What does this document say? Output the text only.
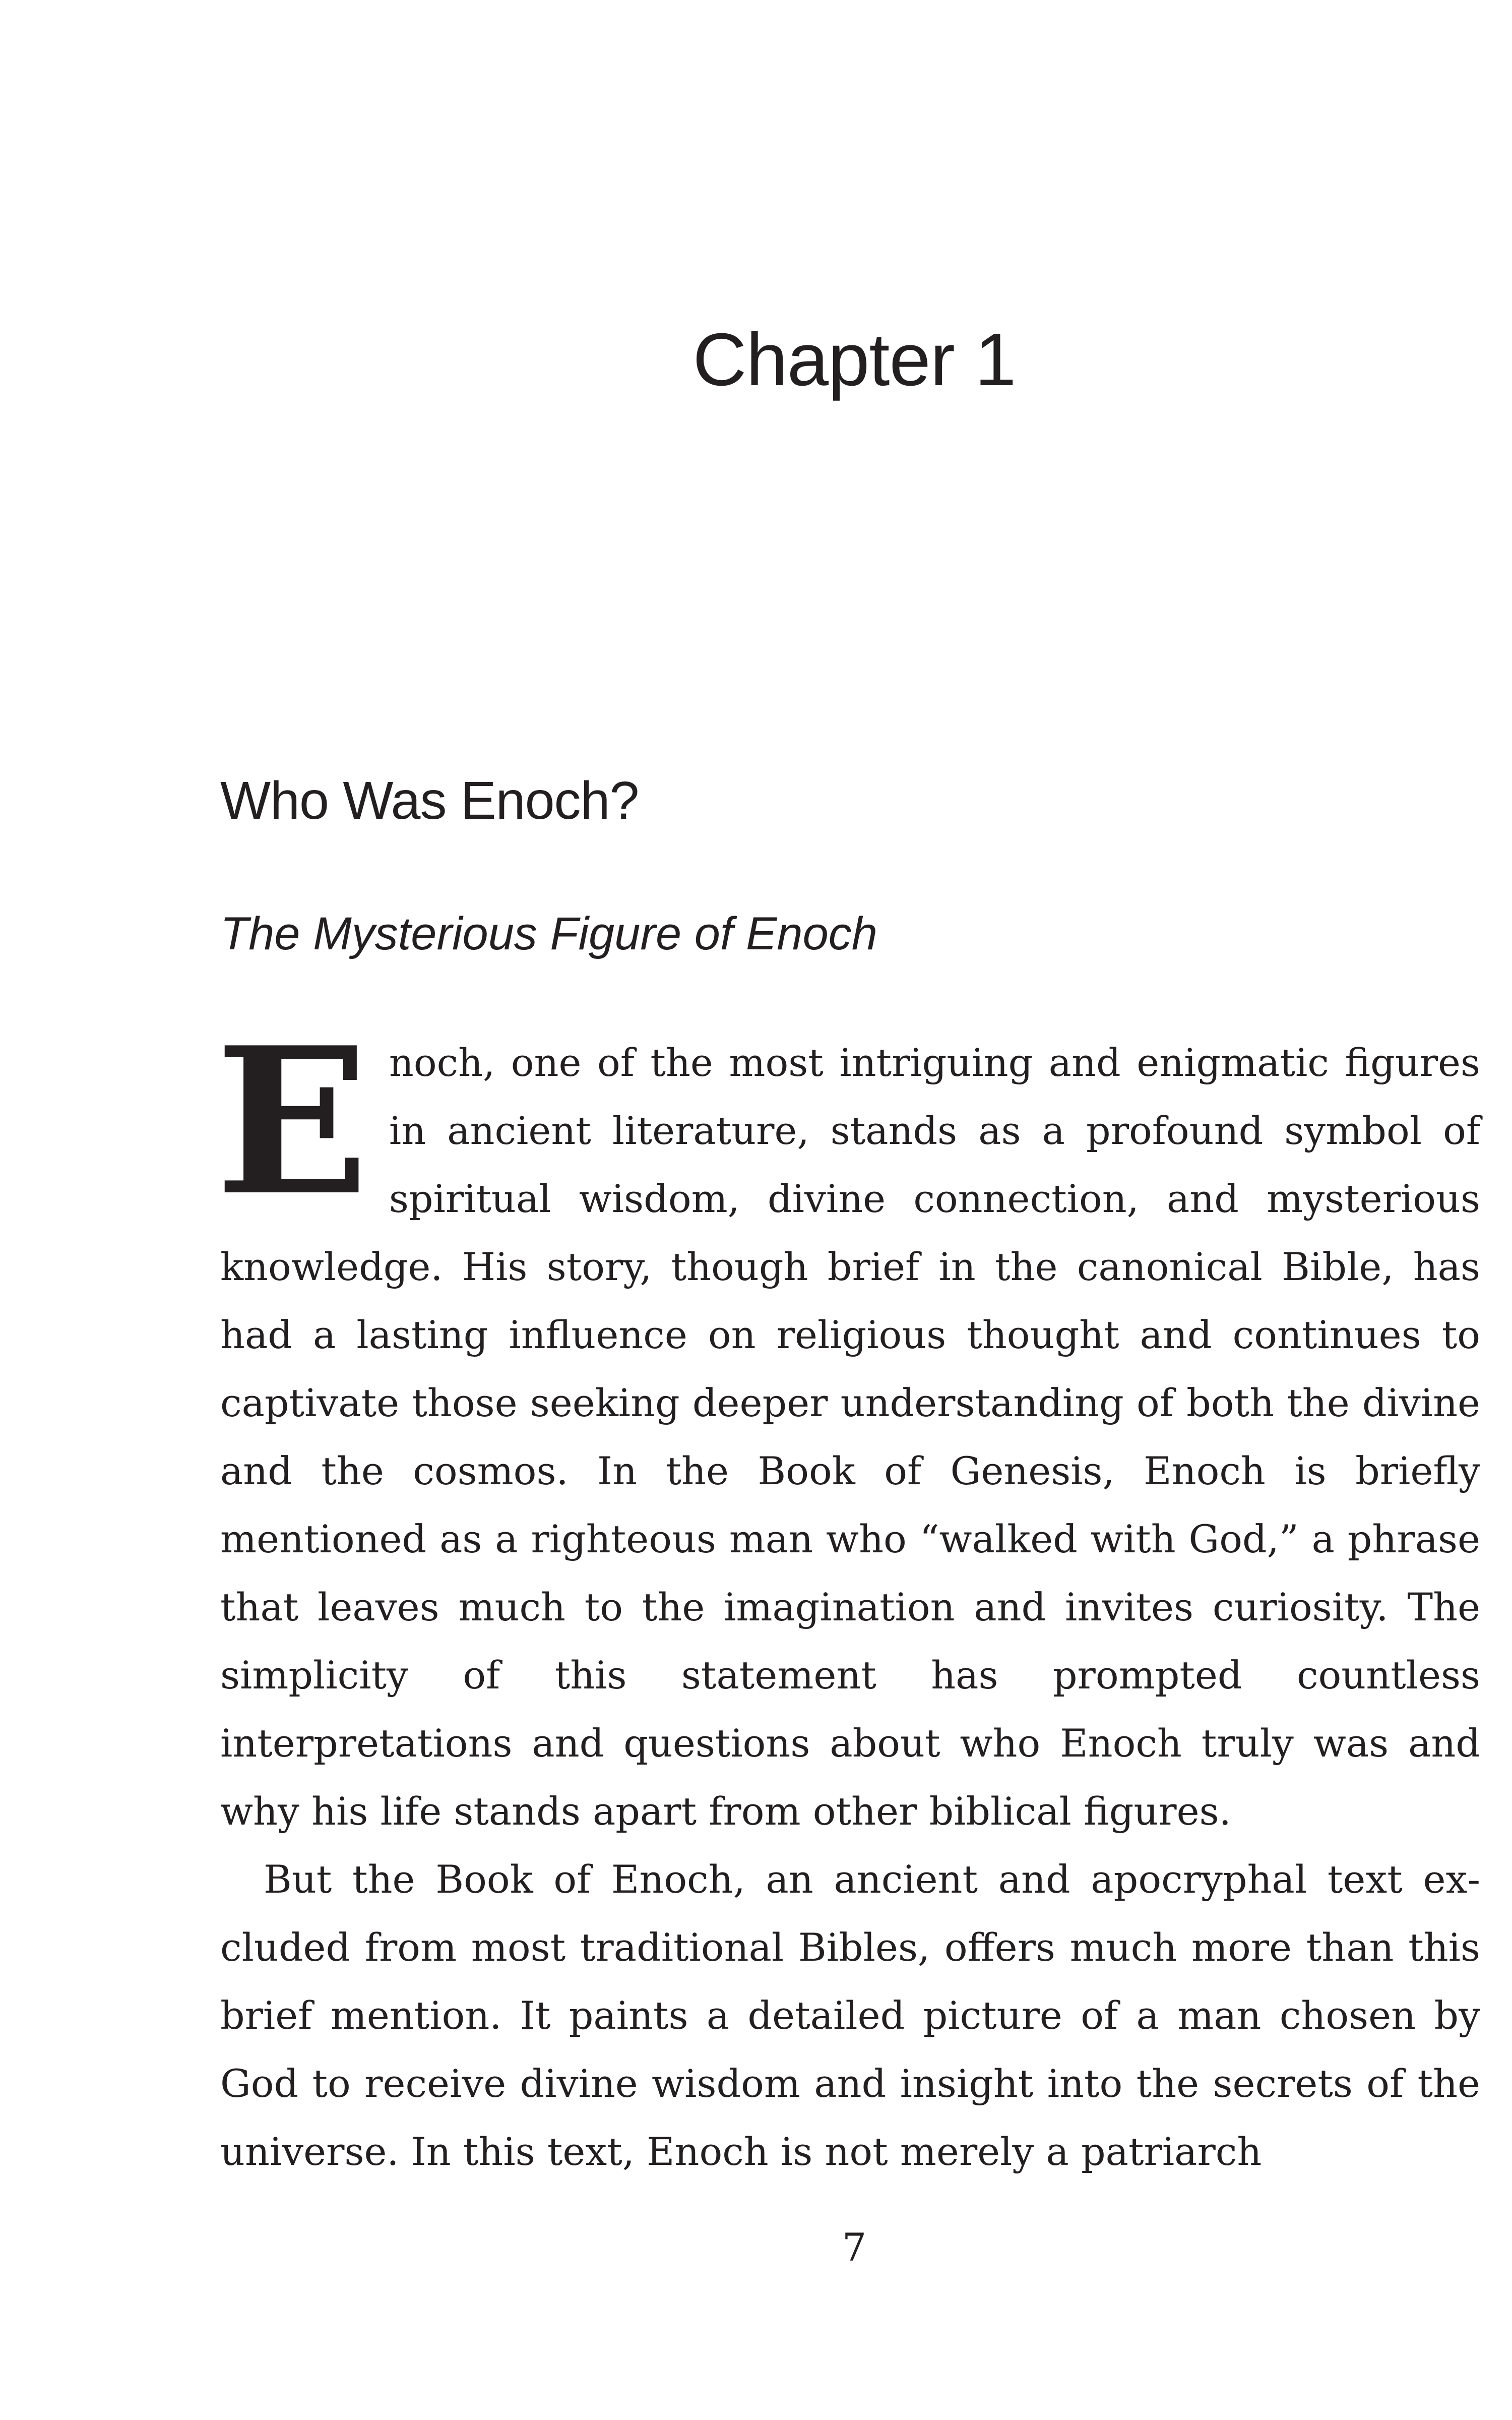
Chapter 1
Who Was Enoch?
The Mysterious Figure of Enoch

Enoch, one of the most intriguing and enigmatic figures in ancient literature, stands as a profound symbol of spiritual wisdom, divine connection, and mysterious knowledge. His story, though brief in the canonical Bible, has had a lasting influence on religious thought and continues to captivate those seeking deeper understanding of both the divine and the cosmos. In the Book of Genesis, Enoch is briefly mentioned as a righteous man who “walked with God,” a phrase that leaves much to the imagination and invites curiosity. The simplicity of this statement has prompted countless interpretations and questions about who Enoch truly was and why his life stands apart from other biblical figures.

But the Book of Enoch, an ancient and apocryphal text excluded from most traditional Bibles, offers much more than this brief mention. It paints a detailed picture of a man chosen by God to receive divine wisdom and insight into the secrets of the universe. In this text, Enoch is not merely a patriarch

7
